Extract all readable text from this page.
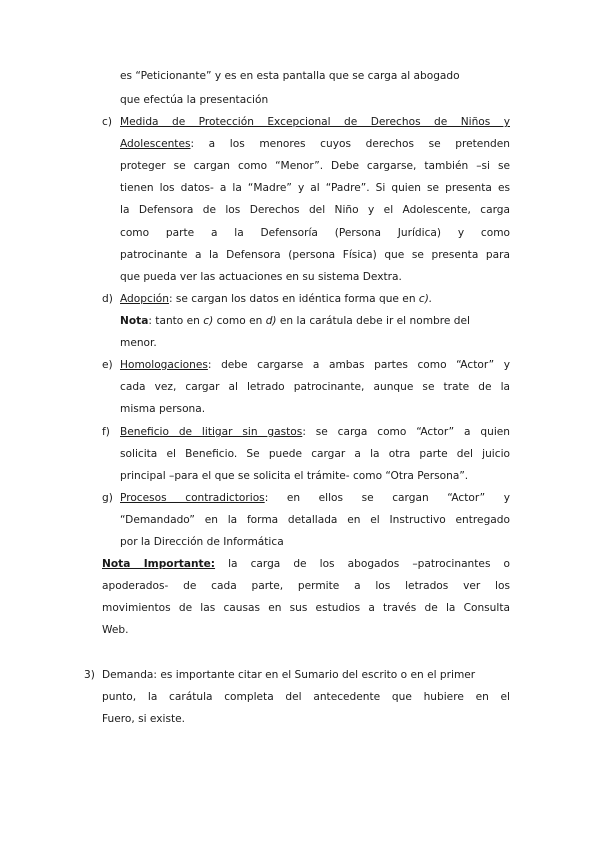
es “Peticionante” y es en esta pantalla que se carga al abogado
que efectúa la presentación
c) Medida de Protección Excepcional de Derechos de Niños y
Adolescentes: a los menores cuyos derechos se pretenden
proteger se cargan como “Menor”. Debe cargarse, también –si se
tienen los datos- a la “Madre” y al “Padre”. Si quien se presenta es
la Defensora de los Derechos del Niño y el Adolescente, carga
como parte a la Defensoría (Persona Jurídica) y como
patrocinante a la Defensora (persona Física) que se presenta para
que pueda ver las actuaciones en su sistema Dextra.
d) Adopción: se cargan los datos en idéntica forma que en c).
Nota: tanto en c) como en d) en la carátula debe ir el nombre del
menor.
e) Homologaciones: debe cargarse a ambas partes como “Actor” y
cada vez, cargar al letrado patrocinante, aunque se trate de la
misma persona.
f) Beneficio de litigar sin gastos: se carga como “Actor” a quien
solicita el Beneficio. Se puede cargar a la otra parte del juicio
principal –para el que se solicita el trámite- como “Otra Persona”.
g) Procesos contradictorios: en ellos se cargan “Actor” y
“Demandado” en la forma detallada en el Instructivo entregado
por la Dirección de Informática
Nota Importante: la carga de los abogados –patrocinantes o
apoderados- de cada parte, permite a los letrados ver los
movimientos de las causas en sus estudios a través de la Consulta
Web.
3) Demanda: es importante citar en el Sumario del escrito o en el primer
punto, la carátula completa del antecedente que hubiere en el
Fuero, si existe.
